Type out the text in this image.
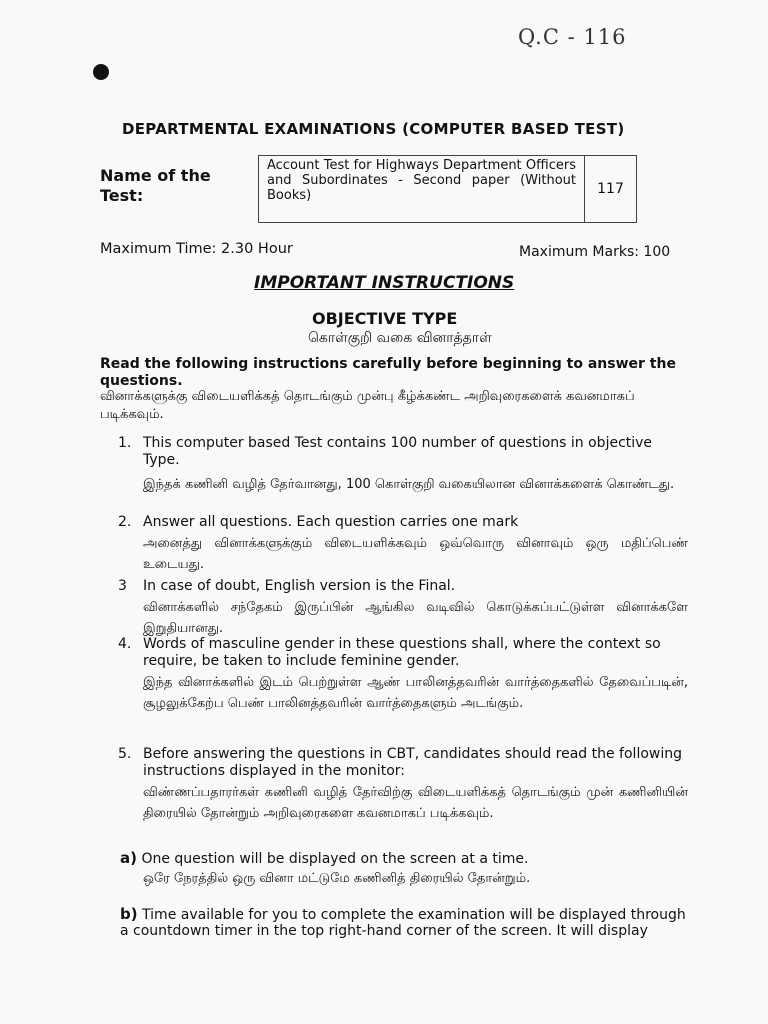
Q.C - 116
DEPARTMENTAL EXAMINATIONS (COMPUTER BASED TEST)
Name of the Test:
Account Test for Highways Department Officers and Subordinates - Second paper (Without Books)	117
Maximum Time: 2.30 Hour	Maximum Marks: 100
IMPORTANT INSTRUCTIONS
OBJECTIVE TYPE
கொள்குறி வகை வினாத்தாள்
Read the following instructions carefully before beginning to answer the questions.
வினாக்களுக்கு விடையளிக்கத் தொடங்கும் முன்பு கீழ்க்கண்ட அறிவுரைகளைக் கவனமாகப் படிக்கவும்.
1. This computer based Test contains 100 number of questions in objective Type.
இந்தக் கணினி வழித் தேர்வானது, 100 கொள்குறி வகையிலான வினாக்களைக் கொண்டது.
2. Answer all questions. Each question carries one mark
அனைத்து வினாக்களுக்கும் விடையளிக்கவும் ஒவ்வொரு வினாவும் ஒரு மதிப்பெண் உடையது.
3 In case of doubt, English version is the Final.
வினாக்களில் சந்தேகம் இருப்பின் ஆங்கில வடிவில் கொடுக்கப்பட்டுள்ள வினாக்களே இறுதியானது.
4. Words of masculine gender in these questions shall, where the context so require, be taken to include feminine gender.
இந்த வினாக்களில் இடம் பெற்றுள்ள ஆண் பாலினத்தவரின் வார்த்தைகளில் தேவைப்படின், சூழலுக்கேற்ப பெண் பாலினத்தவரின் வார்த்தைகளும் அடங்கும்.
5. Before answering the questions in CBT, candidates should read the following instructions displayed in the monitor:
விண்ணப்பதாரர்கள் கணினி வழித் தேர்விற்கு விடையளிக்கத் தொடங்கும் முன் கணினியின் திரையில் தோன்றும் அறிவுரைகளை கவனமாகப் படிக்கவும்.
a) One question will be displayed on the screen at a time.
ஒரே நேரத்தில் ஒரு வினா மட்டுமே கணினித் திரையில் தோன்றும்.
b) Time available for you to complete the examination will be displayed through a countdown timer in the top right-hand corner of the screen. It will display
